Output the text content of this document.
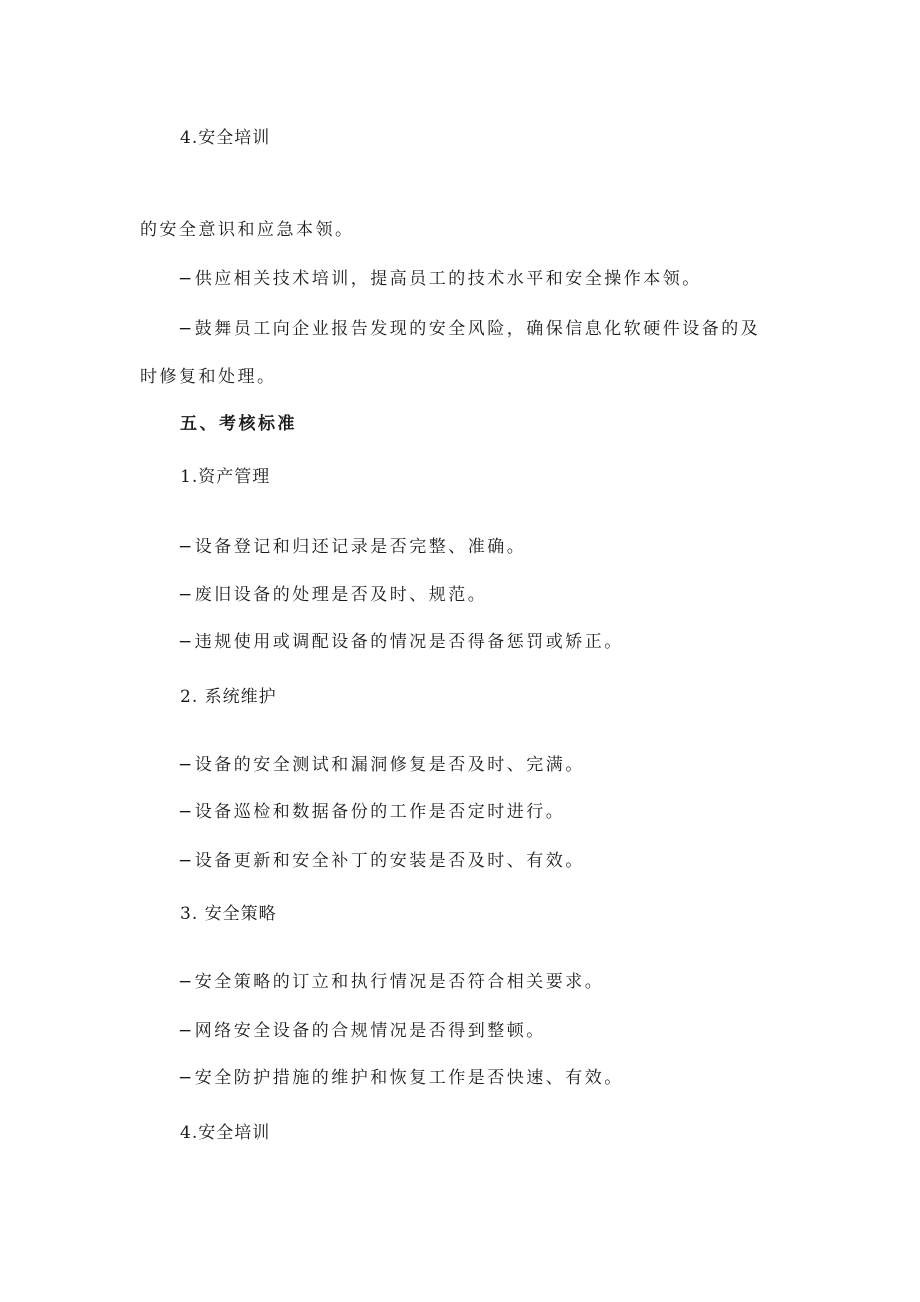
4.安全培训
的安全意识和应急本领。
−供应相关技术培训，提高员工的技术水平和安全操作本领。
−鼓舞员工向企业报告发现的安全风险，确保信息化软硬件设备的及
时修复和处理。
五、考核标准
1.资产管理
−设备登记和归还记录是否完整、准确。
−废旧设备的处理是否及时、规范。
−违规使用或调配设备的情况是否得备惩罚或矫正。
2. 系统维护
−设备的安全测试和漏洞修复是否及时、完满。
−设备巡检和数据备份的工作是否定时进行。
−设备更新和安全补丁的安装是否及时、有效。
3. 安全策略
−安全策略的订立和执行情况是否符合相关要求。
−网络安全设备的合规情况是否得到整顿。
−安全防护措施的维护和恢复工作是否快速、有效。
4.安全培训
